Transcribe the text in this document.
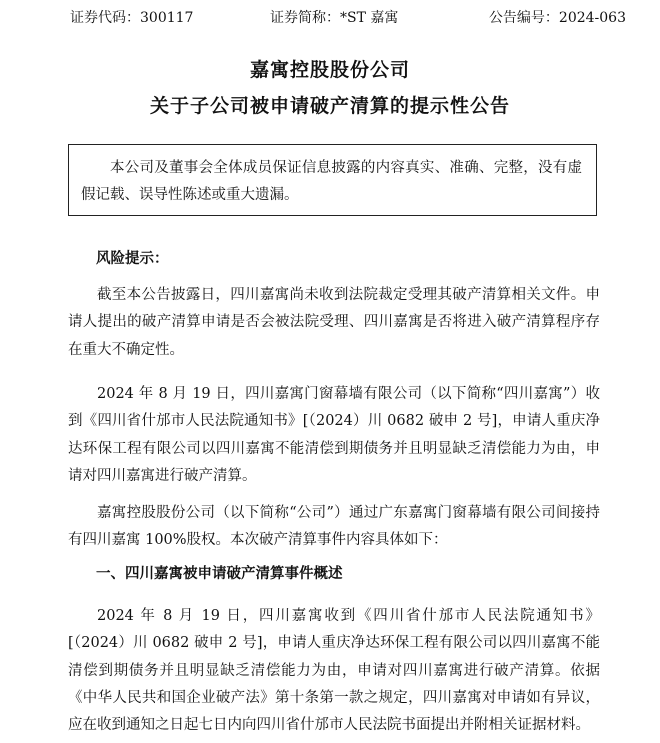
证券代码：300117	证券简称：*ST 嘉寓	公告编号：2024-063
嘉寓控股股份公司
关于子公司被申请破产清算的提示性公告
本公司及董事会全体成员保证信息披露的内容真实、准确、完整，没有虚假记载、误导性陈述或重大遗漏。
风险提示：

截至本公告披露日，四川嘉寓尚未收到法院裁定受理其破产清算相关文件。申请人提出的破产清算申请是否会被法院受理、四川嘉寓是否将进入破产清算程序存在重大不确定性。

2024 年 8 月 19 日，四川嘉寓门窗幕墙有限公司（以下简称“四川嘉寓”）收到《四川省什邡市人民法院通知书》[（2024）川 0682 破申 2 号]，申请人重庆净达环保工程有限公司以四川嘉寓不能清偿到期债务并且明显缺乏清偿能力为由，申请对四川嘉寓进行破产清算。

嘉寓控股股份公司（以下简称“公司”）通过广东嘉寓门窗幕墙有限公司间接持有四川嘉寓 100%股权。本次破产清算事件内容具体如下：

一、四川嘉寓被申请破产清算事件概述

2024 年 8 月 19 日，四川嘉寓收到《四川省什邡市人民法院通知书》[（2024）川 0682 破申 2 号]，申请人重庆净达环保工程有限公司以四川嘉寓不能清偿到期债务并且明显缺乏清偿能力为由，申请对四川嘉寓进行破产清算。依据《中华人民共和国企业破产法》第十条第一款之规定，四川嘉寓对申请如有异议，应在收到通知之日起七日内向四川省什邡市人民法院书面提出并附相关证据材料。
